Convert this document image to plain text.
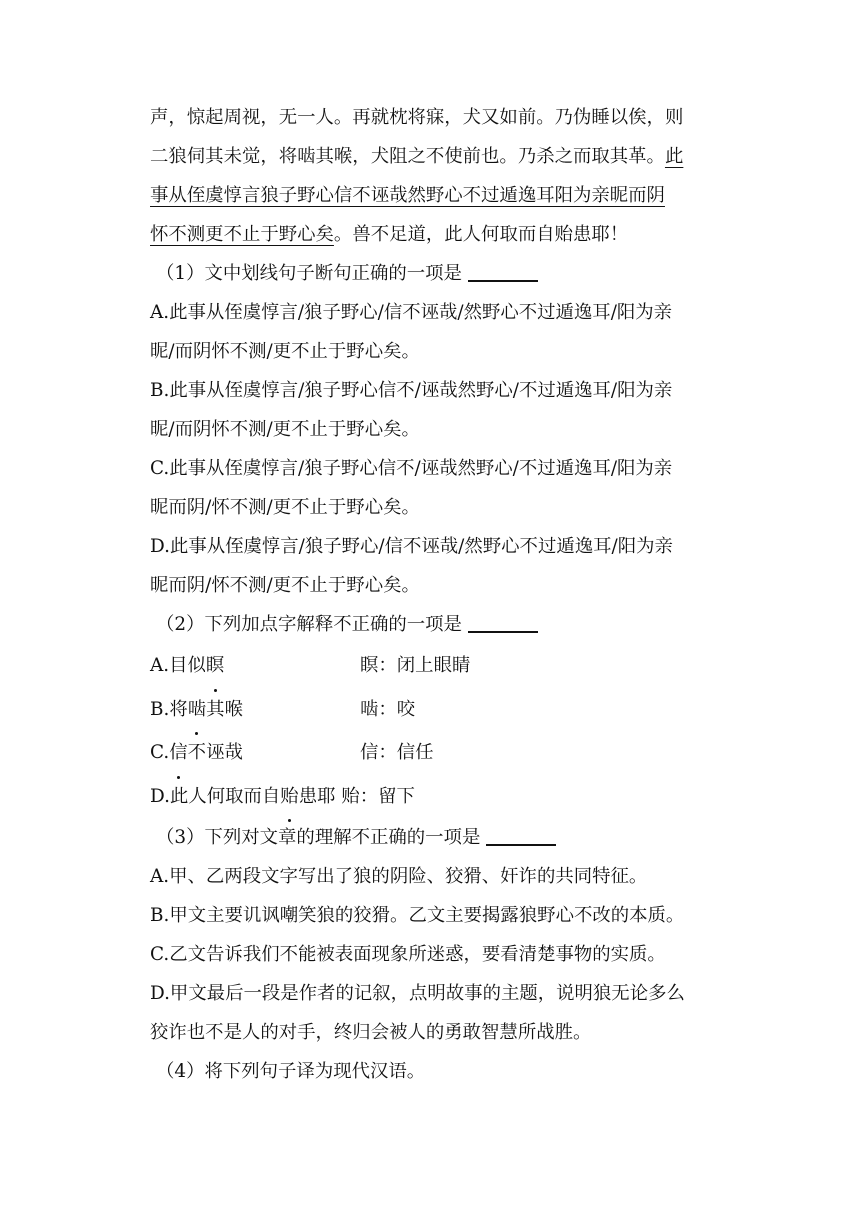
声，惊起周视，无一人。再就枕将寐，犬又如前。乃伪睡以俟，则
二狼伺其未觉，将啮其喉，犬阻之不使前也。乃杀之而取其革。此
事从侄虞惇言狼子野心信不诬哉然野心不过遁逸耳阳为亲昵而阴
怀不测更不止于野心矣。兽不足道，此人何取而自贻患耶！
（1）文中划线句子断句正确的一项是
A.此事从侄虞惇言/狼子野心/信不诬哉/然野心不过遁逸耳/阳为亲
昵/而阴怀不测/更不止于野心矣。
B.此事从侄虞惇言/狼子野心信不/诬哉然野心/不过遁逸耳/阳为亲
昵/而阴怀不测/更不止于野心矣。
C.此事从侄虞惇言/狼子野心信不/诬哉然野心/不过遁逸耳/阳为亲
昵而阴/怀不测/更不止于野心矣。
D.此事从侄虞惇言/狼子野心/信不诬哉/然野心不过遁逸耳/阳为亲
昵而阴/怀不测/更不止于野心矣。
（2）下列加点字解释不正确的一项是
A.目似瞑	瞑：闭上眼睛
B.将啮其喉	啮：咬
C.信不诬哉	信：信任
D.此人何取而自贻患耶 贻：留下
（3）下列对文章的理解不正确的一项是
A.甲、乙两段文字写出了狼的阴险、狡猾、奸诈的共同特征。
B.甲文主要讥讽嘲笑狼的狡猾。乙文主要揭露狼野心不改的本质。
C.乙文告诉我们不能被表面现象所迷惑，要看清楚事物的实质。
D.甲文最后一段是作者的记叙，点明故事的主题，说明狼无论多么
狡诈也不是人的对手，终归会被人的勇敢智慧所战胜。
（4）将下列句子译为现代汉语。
